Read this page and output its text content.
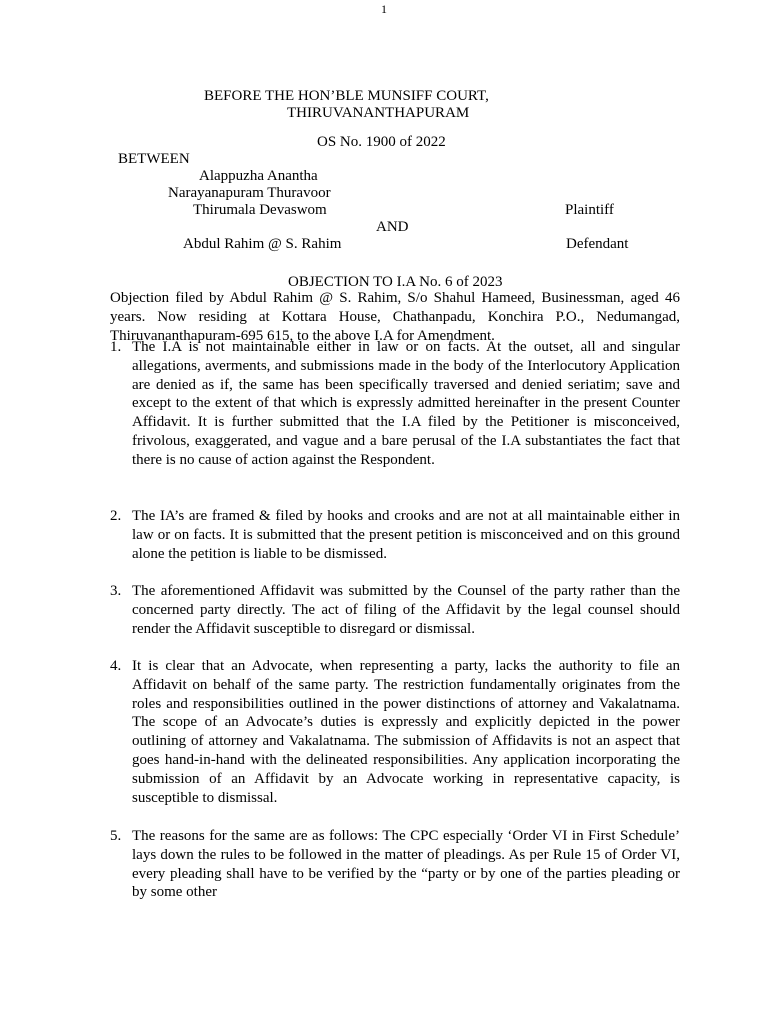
1
BEFORE THE HON’BLE MUNSIFF COURT,
THIRUVANANTHAPURAM
OS No. 1900 of 2022
BETWEEN
Alappuzha Anantha
Narayanapuram Thuravoor
Thirumala Devaswom	Plaintiff
AND
Abdul Rahim @ S. Rahim	Defendant
OBJECTION TO I.A No. 6 of 2023
Objection filed by Abdul Rahim @ S. Rahim, S/o Shahul Hameed, Businessman, aged 46 years. Now residing at Kottara House, Chathanpadu, Konchira P.O., Nedumangad, Thiruvananthapuram-695 615, to the above I.A for Amendment.
1. The I.A is not maintainable either in law or on facts. At the outset, all and singular allegations, averments, and submissions made in the body of the Interlocutory Application are denied as if, the same has been specifically traversed and denied seriatim; save and except to the extent of that which is expressly admitted hereinafter in the present Counter Affidavit. It is further submitted that the I.A filed by the Petitioner is misconceived, frivolous, exaggerated, and vague and a bare perusal of the I.A substantiates the fact that there is no cause of action against the Respondent.
2. The IA’s are framed & filed by hooks and crooks and are not at all maintainable either in law or on facts. It is submitted that the present petition is misconceived and on this ground alone the petition is liable to be dismissed.
3. The aforementioned Affidavit was submitted by the Counsel of the party rather than the concerned party directly. The act of filing of the Affidavit by the legal counsel should render the Affidavit susceptible to disregard or dismissal.
4. It is clear that an Advocate, when representing a party, lacks the authority to file an Affidavit on behalf of the same party. The restriction fundamentally originates from the roles and responsibilities outlined in the power distinctions of attorney and Vakalatnama. The scope of an Advocate’s duties is expressly and explicitly depicted in the power outlining of attorney and Vakalatnama. The submission of Affidavits is not an aspect that goes hand-in-hand with the delineated responsibilities. Any application incorporating the submission of an Affidavit by an Advocate working in representative capacity, is susceptible to dismissal.
5. The reasons for the same are as follows: The CPC especially ‘Order VI in First Schedule’ lays down the rules to be followed in the matter of pleadings. As per Rule 15 of Order VI, every pleading shall have to be verified by the “party or by one of the parties pleading or by some other
